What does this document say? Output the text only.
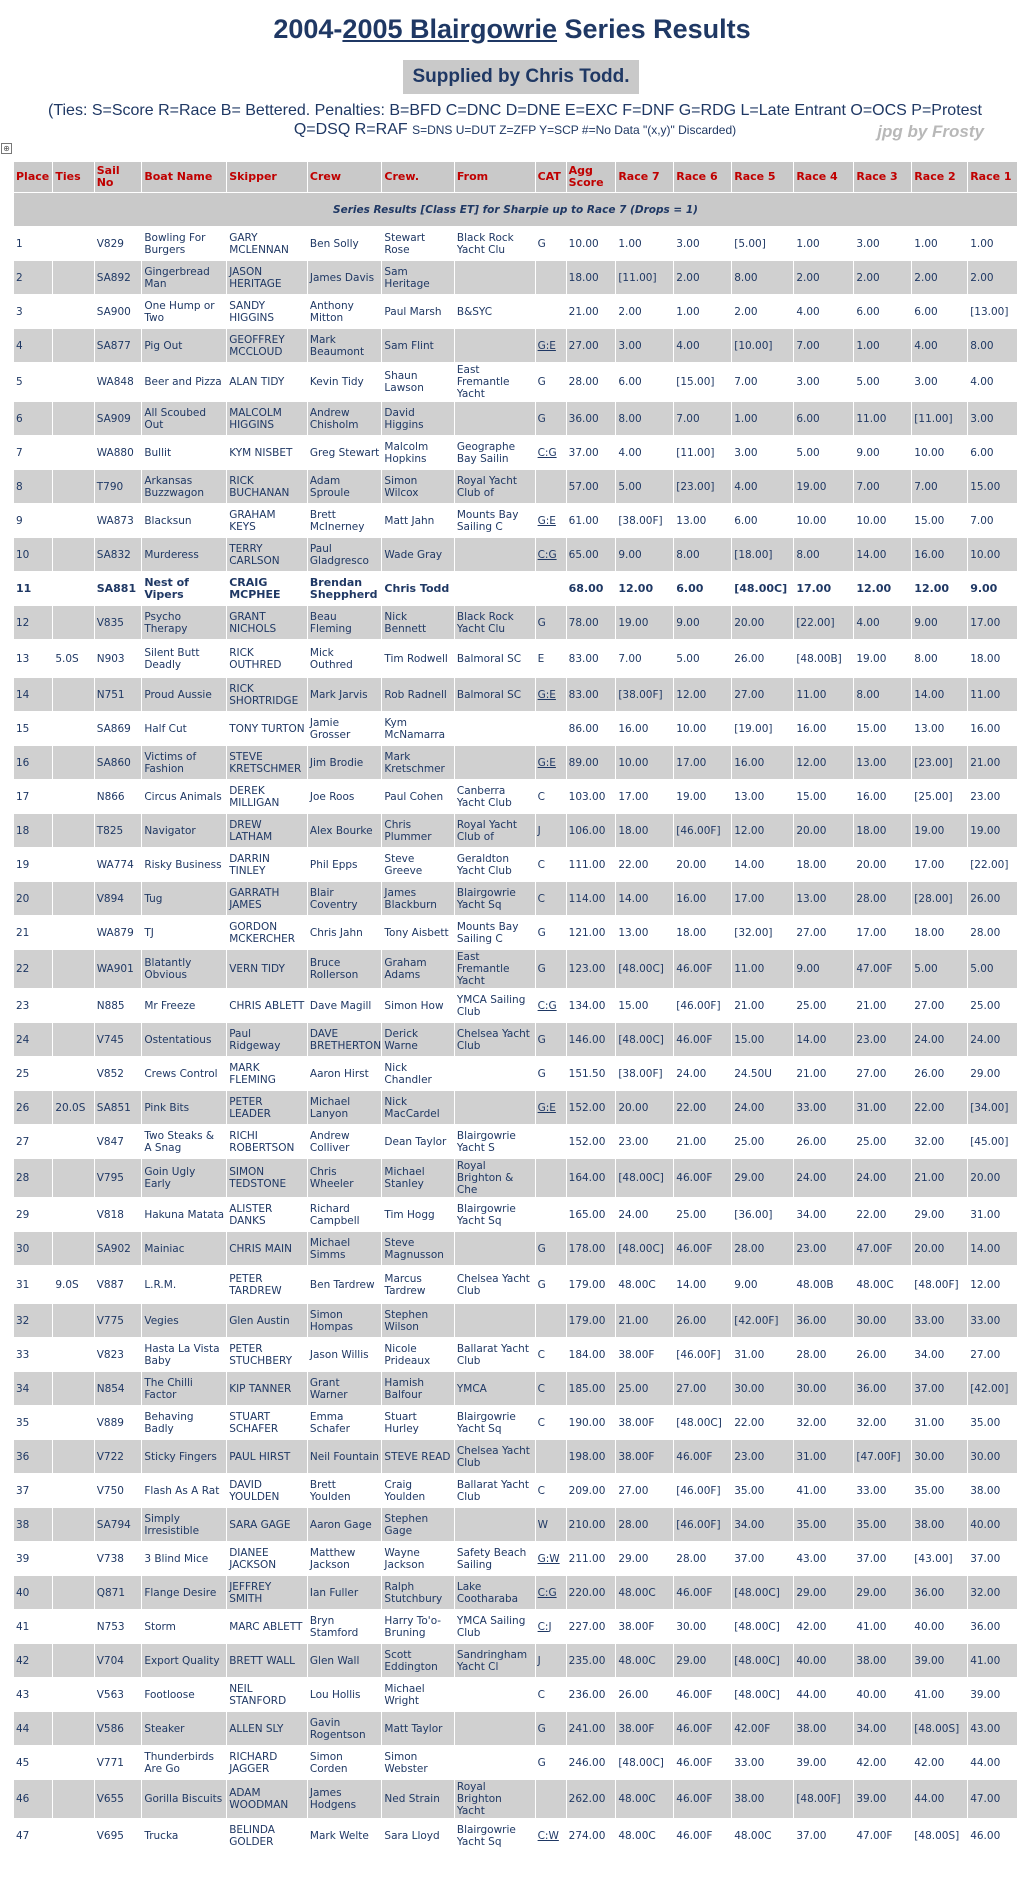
2004-2005 Blairgowrie Series Results
Supplied by Chris Todd.
(Ties: S=Score R=Race B= Bettered. Penalties: B=BFD C=DNC D=DNE E=EXC F=DNF G=RDG L=Late Entrant O=OCS P=Protest
Q=DSQ R=RAF S=DNS U=DUT Z=ZFP Y=SCP #=No Data "(x,y)" Discarded)	jpg by Frosty
⊕
Series Results [Class ET] for Sharpie up to Race 7 (Drops = 1)																
Place	Ties	Sail No	Boat Name	Skipper	Crew	Crew.	From	CAT	Agg Score	Race 7	Race 6	Race 5	Race 4	Race 3	Race 2	Race 1
1		V829	Bowling For Burgers	GARY MCLENNAN	Ben Solly	Stewart Rose	Black Rock Yacht Clu	G	10.00	1.00	3.00	[5.00]	1.00	3.00	1.00	1.00
2		SA892	Gingerbread Man	JASON HERITAGE	James Davis	Sam Heritage			18.00	[11.00]	2.00	8.00	2.00	2.00	2.00	2.00
3		SA900	One Hump or Two	SANDY HIGGINS	Anthony Mitton	Paul Marsh	B&SYC		21.00	2.00	1.00	2.00	4.00	6.00	6.00	[13.00]
4		SA877	Pig Out	GEOFFREY MCCLOUD	Mark Beaumont	Sam Flint		G:E	27.00	3.00	4.00	[10.00]	7.00	1.00	4.00	8.00
5		WA848	Beer and Pizza	ALAN TIDY	Kevin Tidy	Shaun Lawson	East Fremantle Yacht	G	28.00	6.00	[15.00]	7.00	3.00	5.00	3.00	4.00
6		SA909	All Scoubed Out	MALCOLM HIGGINS	Andrew Chisholm	David Higgins		G	36.00	8.00	7.00	1.00	6.00	11.00	[11.00]	3.00
7		WA880	Bullit	KYM NISBET	Greg Stewart	Malcolm Hopkins	Geographe Bay Sailin	C:G	37.00	4.00	[11.00]	3.00	5.00	9.00	10.00	6.00
8		T790	Arkansas Buzzwagon	RICK BUCHANAN	Adam Sproule	Simon Wilcox	Royal Yacht Club of		57.00	5.00	[23.00]	4.00	19.00	7.00	7.00	15.00
9		WA873	Blacksun	GRAHAM KEYS	Brett McInerney	Matt Jahn	Mounts Bay Sailing C	G:E	61.00	[38.00F]	13.00	6.00	10.00	10.00	15.00	7.00
10		SA832	Murderess	TERRY CARLSON	Paul Gladgresco	Wade Gray		C:G	65.00	9.00	8.00	[18.00]	8.00	14.00	16.00	10.00
11		SA881	Nest of Vipers	CRAIG MCPHEE	Brendan Sheppherd	Chris Todd			68.00	12.00	6.00	[48.00C]	17.00	12.00	12.00	9.00
12		V835	Psycho Therapy	GRANT NICHOLS	Beau Fleming	Nick Bennett	Black Rock Yacht Clu	G	78.00	19.00	9.00	20.00	[22.00]	4.00	9.00	17.00
13	5.0S	N903	Silent Butt Deadly	RICK OUTHRED	Mick Outhred	Tim Rodwell	Balmoral SC	E	83.00	7.00	5.00	26.00	[48.00B]	19.00	8.00	18.00
14		N751	Proud Aussie	RICK SHORTRIDGE	Mark Jarvis	Rob Radnell	Balmoral SC	G:E	83.00	[38.00F]	12.00	27.00	11.00	8.00	14.00	11.00
15		SA869	Half Cut	TONY TURTON	Jamie Grosser	Kym McNamarra			86.00	16.00	10.00	[19.00]	16.00	15.00	13.00	16.00
16		SA860	Victims of Fashion	STEVE KRETSCHMER	Jim Brodie	Mark Kretschmer		G:E	89.00	10.00	17.00	16.00	12.00	13.00	[23.00]	21.00
17		N866	Circus Animals	DEREK MILLIGAN	Joe Roos	Paul Cohen	Canberra Yacht Club	C	103.00	17.00	19.00	13.00	15.00	16.00	[25.00]	23.00
18		T825	Navigator	DREW LATHAM	Alex Bourke	Chris Plummer	Royal Yacht Club of	J	106.00	18.00	[46.00F]	12.00	20.00	18.00	19.00	19.00
19		WA774	Risky Business	DARRIN TINLEY	Phil Epps	Steve Greeve	Geraldton Yacht Club	C	111.00	22.00	20.00	14.00	18.00	20.00	17.00	[22.00]
20		V894	Tug	GARRATH JAMES	Blair Coventry	James Blackburn	Blairgowrie Yacht Sq	C	114.00	14.00	16.00	17.00	13.00	28.00	[28.00]	26.00
21		WA879	TJ	GORDON MCKERCHER	Chris Jahn	Tony Aisbett	Mounts Bay Sailing C	G	121.00	13.00	18.00	[32.00]	27.00	17.00	18.00	28.00
22		WA901	Blatantly Obvious	VERN TIDY	Bruce Rollerson	Graham Adams	East Fremantle Yacht	G	123.00	[48.00C]	46.00F	11.00	9.00	47.00F	5.00	5.00
23		N885	Mr Freeze	CHRIS ABLETT	Dave Magill	Simon How	YMCA Sailing Club	C:G	134.00	15.00	[46.00F]	21.00	25.00	21.00	27.00	25.00
24		V745	Ostentatious	Paul Ridgeway	DAVE BRETHERTON	Derick Warne	Chelsea Yacht Club	G	146.00	[48.00C]	46.00F	15.00	14.00	23.00	24.00	24.00
25		V852	Crews Control	MARK FLEMING	Aaron Hirst	Nick Chandler		G	151.50	[38.00F]	24.00	24.50U	21.00	27.00	26.00	29.00
26	20.0S	SA851	Pink Bits	PETER LEADER	Michael Lanyon	Nick MacCardel		G:E	152.00	20.00	22.00	24.00	33.00	31.00	22.00	[34.00]
27		V847	Two Steaks & A Snag	RICHI ROBERTSON	Andrew Colliver	Dean Taylor	Blairgowrie Yacht S		152.00	23.00	21.00	25.00	26.00	25.00	32.00	[45.00]
28		V795	Goin Ugly Early	SIMON TEDSTONE	Chris Wheeler	Michael Stanley	Royal Brighton & Che		164.00	[48.00C]	46.00F	29.00	24.00	24.00	21.00	20.00
29		V818	Hakuna Matata	ALISTER DANKS	Richard Campbell	Tim Hogg	Blairgowrie Yacht Sq		165.00	24.00	25.00	[36.00]	34.00	22.00	29.00	31.00
30		SA902	Mainiac	CHRIS MAIN	Michael Simms	Steve Magnusson		G	178.00	[48.00C]	46.00F	28.00	23.00	47.00F	20.00	14.00
31	9.0S	V887	L.R.M.	PETER TARDREW	Ben Tardrew	Marcus Tardrew	Chelsea Yacht Club	G	179.00	48.00C	14.00	9.00	48.00B	48.00C	[48.00F]	12.00
32		V775	Vegies	Glen Austin	Simon Hompas	Stephen Wilson			179.00	21.00	26.00	[42.00F]	36.00	30.00	33.00	33.00
33		V823	Hasta La Vista Baby	PETER STUCHBERY	Jason Willis	Nicole Prideaux	Ballarat Yacht Club	C	184.00	38.00F	[46.00F]	31.00	28.00	26.00	34.00	27.00
34		N854	The Chilli Factor	KIP TANNER	Grant Warner	Hamish Balfour	YMCA	C	185.00	25.00	27.00	30.00	30.00	36.00	37.00	[42.00]
35		V889	Behaving Badly	STUART SCHAFER	Emma Schafer	Stuart Hurley	Blairgowrie Yacht Sq	C	190.00	38.00F	[48.00C]	22.00	32.00	32.00	31.00	35.00
36		V722	Sticky Fingers	PAUL HIRST	Neil Fountain	STEVE READ	Chelsea Yacht Club		198.00	38.00F	46.00F	23.00	31.00	[47.00F]	30.00	30.00
37		V750	Flash As A Rat	DAVID YOULDEN	Brett Youlden	Craig Youlden	Ballarat Yacht Club	C	209.00	27.00	[46.00F]	35.00	41.00	33.00	35.00	38.00
38		SA794	Simply Irresistible	SARA GAGE	Aaron Gage	Stephen Gage		W	210.00	28.00	[46.00F]	34.00	35.00	35.00	38.00	40.00
39		V738	3 Blind Mice	DIANEE JACKSON	Matthew Jackson	Wayne Jackson	Safety Beach Sailing	G:W	211.00	29.00	28.00	37.00	43.00	37.00	[43.00]	37.00
40		Q871	Flange Desire	JEFFREY SMITH	Ian Fuller	Ralph Stutchbury	Lake Cootharaba	C:G	220.00	48.00C	46.00F	[48.00C]	29.00	29.00	36.00	32.00
41		N753	Storm	MARC ABLETT	Bryn Stamford	Harry To'o-Bruning	YMCA Sailing Club	C:J	227.00	38.00F	30.00	[48.00C]	42.00	41.00	40.00	36.00
42		V704	Export Quality	BRETT WALL	Glen Wall	Scott Eddington	Sandringham Yacht Cl	J	235.00	48.00C	29.00	[48.00C]	40.00	38.00	39.00	41.00
43		V563	Footloose	NEIL STANFORD	Lou Hollis	Michael Wright		C	236.00	26.00	46.00F	[48.00C]	44.00	40.00	41.00	39.00
44		V586	Steaker	ALLEN SLY	Gavin Rogentson	Matt Taylor		G	241.00	38.00F	46.00F	42.00F	38.00	34.00	[48.00S]	43.00
45		V771	Thunderbirds Are Go	RICHARD JAGGER	Simon Corden	Simon Webster		G	246.00	[48.00C]	46.00F	33.00	39.00	42.00	42.00	44.00
46		V655	Gorilla Biscuits	ADAM WOODMAN	James Hodgens	Ned Strain	Royal Brighton Yacht		262.00	48.00C	46.00F	38.00	[48.00F]	39.00	44.00	47.00
47		V695	Trucka	BELINDA GOLDER	Mark Welte	Sara Lloyd	Blairgowrie Yacht Sq	C:W	274.00	48.00C	46.00F	48.00C	37.00	47.00F	[48.00S]	46.00
